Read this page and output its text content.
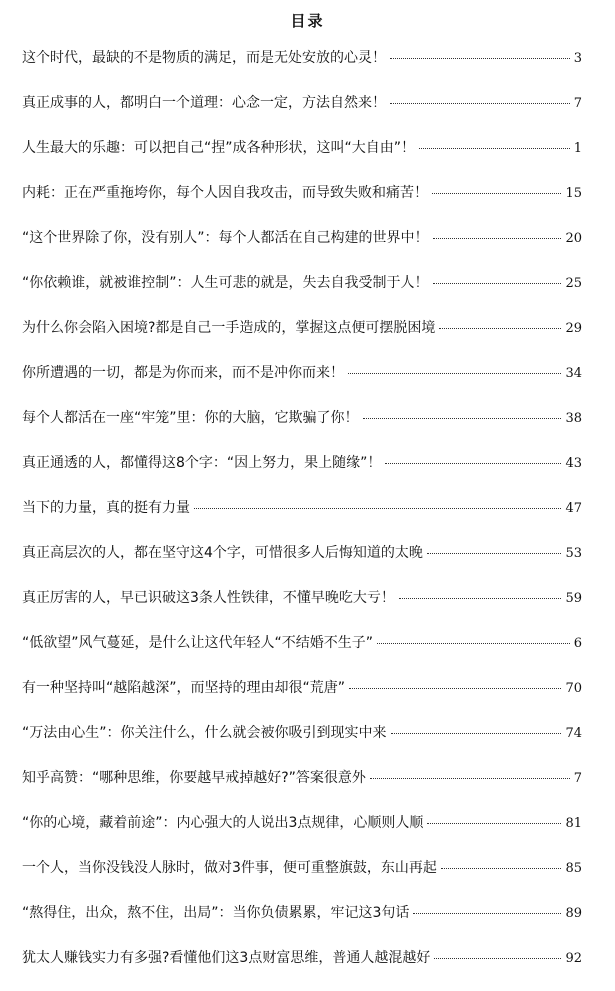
目录
这个时代，最缺的不是物质的满足，而是无处安放的心灵！	3
真正成事的人，都明白一个道理：心念一定，方法自然来！	7
人生最大的乐趣：可以把自己“捏”成各种形状，这叫“大自由”！	1
内耗：正在严重拖垮你，每个人因自我攻击，而导致失败和痛苦！	15
“这个世界除了你，没有别人”：每个人都活在自己构建的世界中！	20
“你依赖谁，就被谁控制”：人生可悲的就是，失去自我受制于人！	25
为什么你会陷入困境?都是自己一手造成的，掌握这点便可摆脱困境	29
你所遭遇的一切，都是为你而来，而不是冲你而来！	34
每个人都活在一座“牢笼”里：你的大脑，它欺骗了你！	38
真正通透的人，都懂得这8个字：“因上努力，果上随缘”！	43
当下的力量，真的挺有力量	47
真正高层次的人，都在坚守这4个字，可惜很多人后悔知道的太晚	53
真正厉害的人，早已识破这3条人性铁律，不懂早晚吃大亏！	59
“低欲望”风气蔓延，是什么让这代年轻人“不结婚不生子”	6
有一种坚持叫“越陷越深”，而坚持的理由却很“荒唐”	70
“万法由心生”：你关注什么，什么就会被你吸引到现实中来	74
知乎高赞：“哪种思维，你要越早戒掉越好?”答案很意外	7
“你的心境，藏着前途”：内心强大的人说出3点规律，心顺则人顺	81
一个人，当你没钱没人脉时，做对3件事，便可重整旗鼓，东山再起	85
“熬得住，出众，熬不住，出局”：当你负债累累，牢记这3句话	89
犹太人赚钱实力有多强?看懂他们这3点财富思维，普通人越混越好	92
